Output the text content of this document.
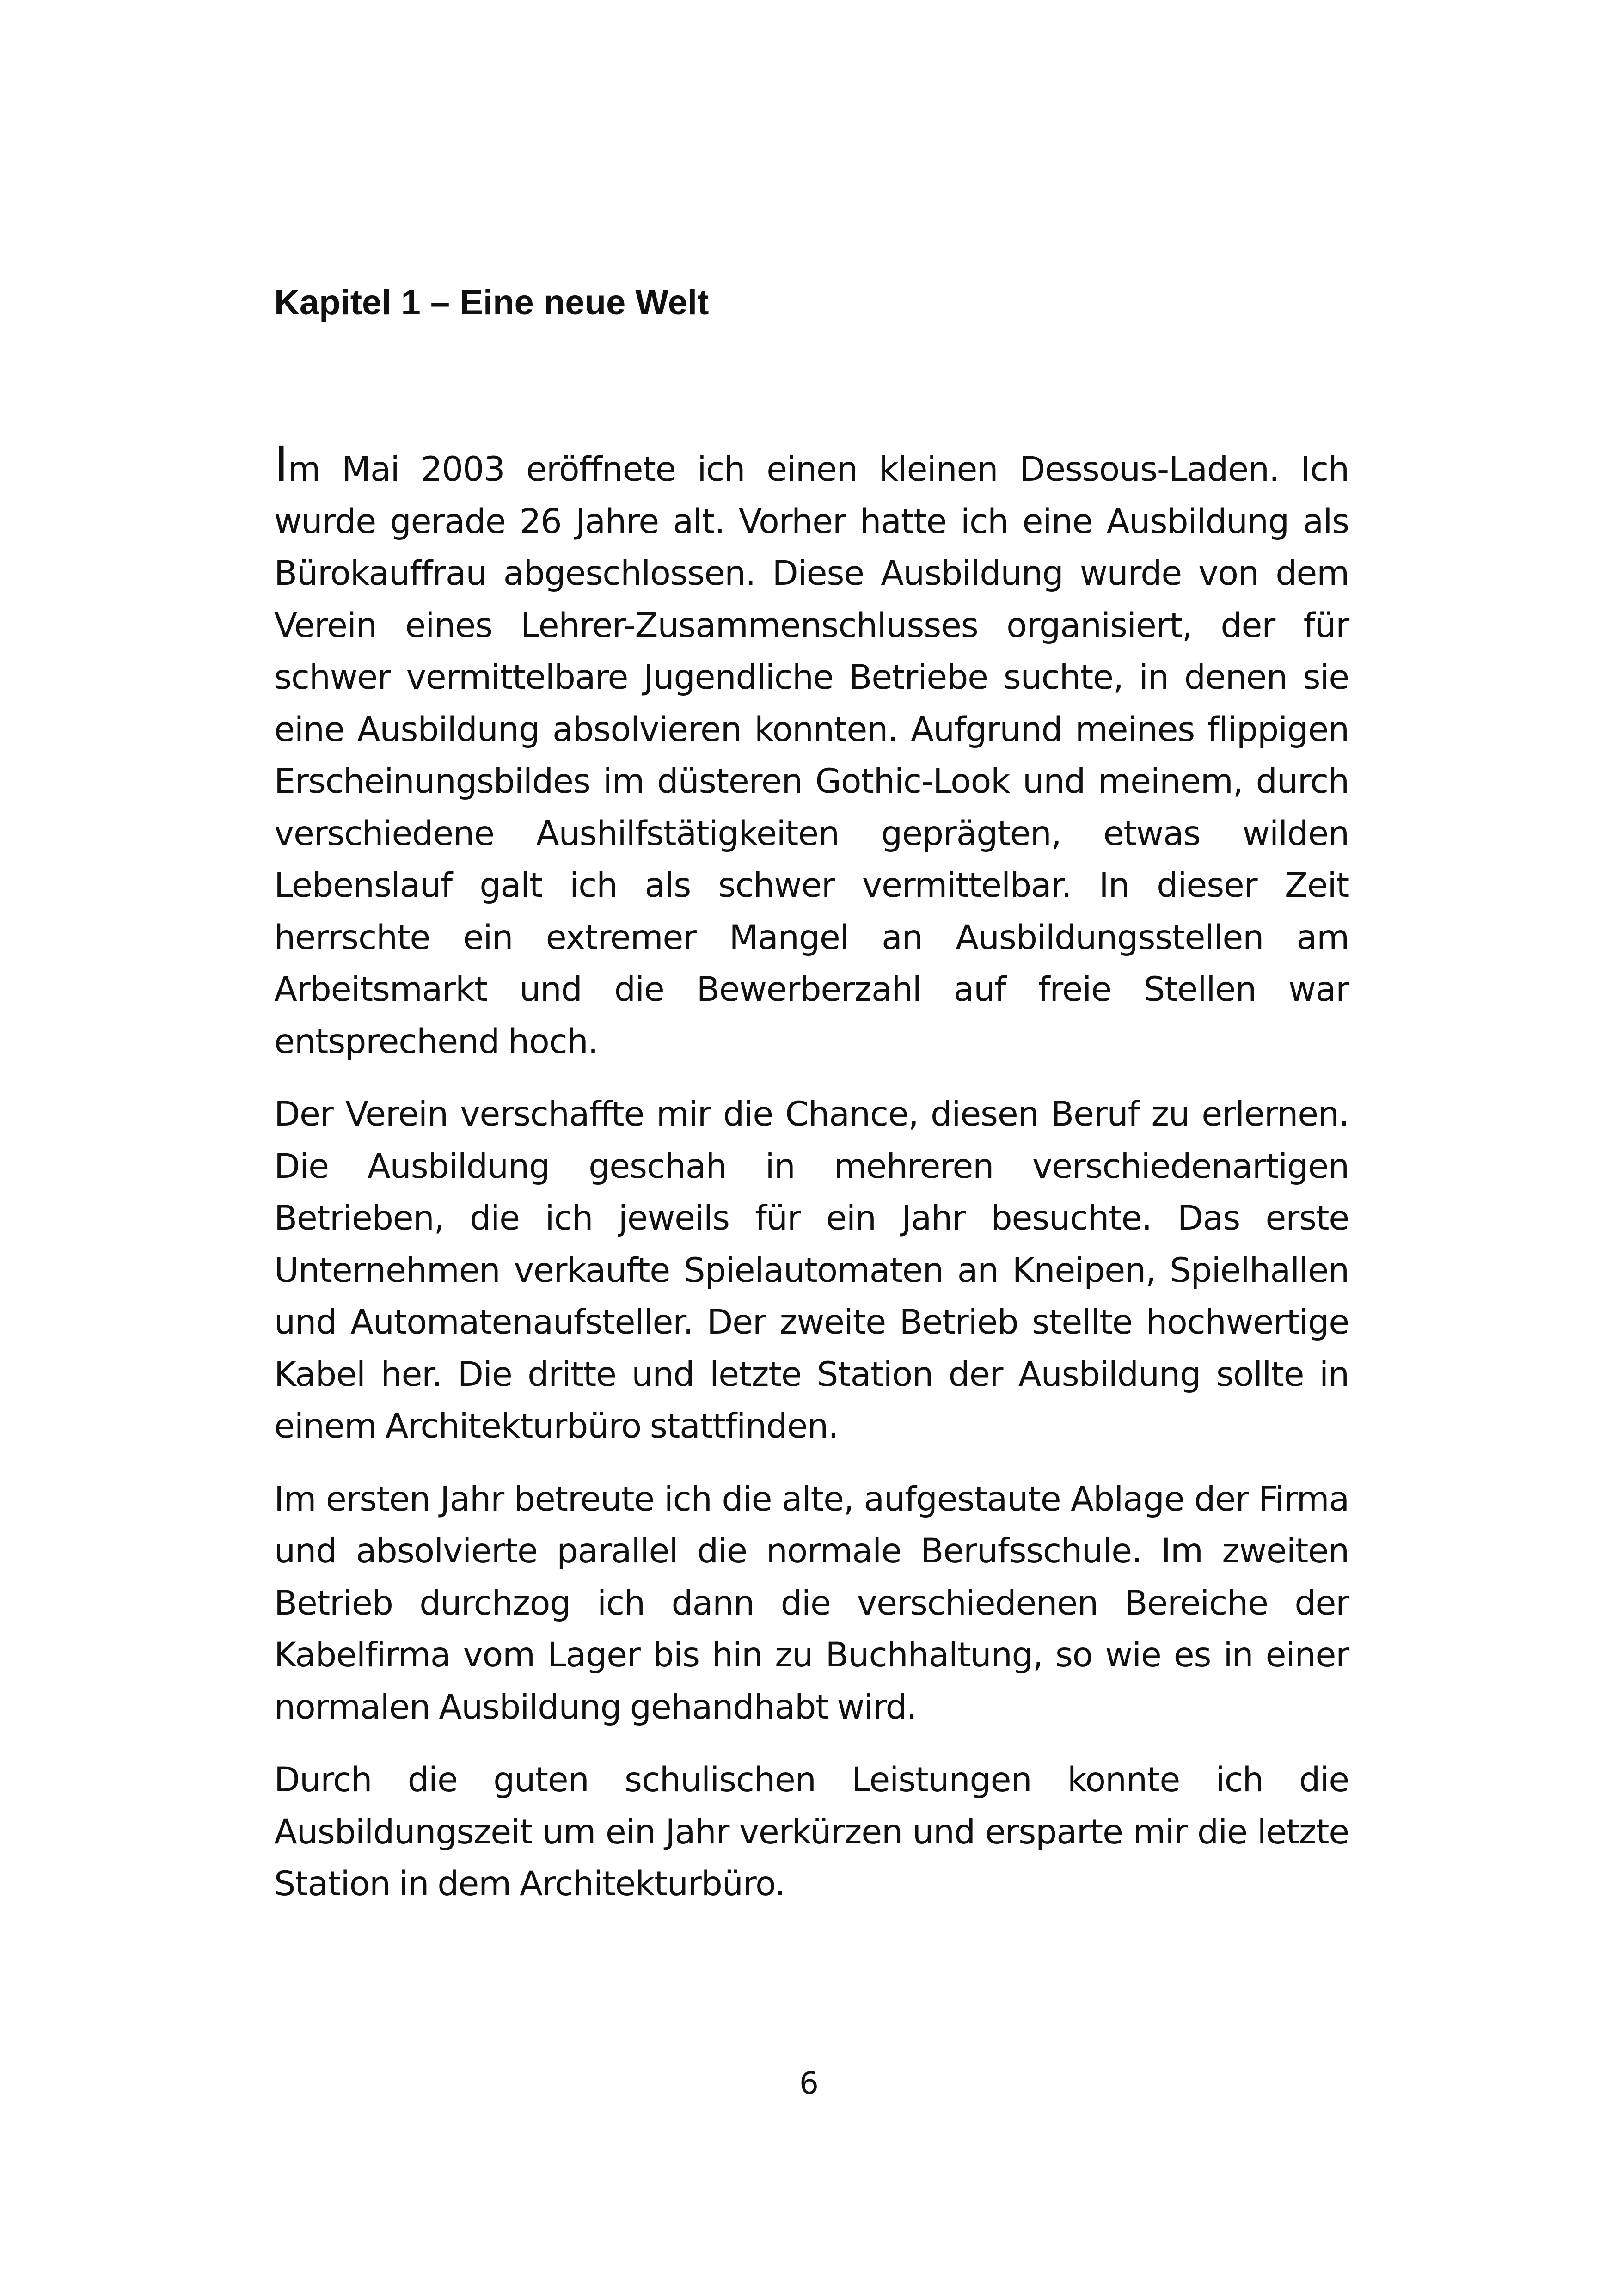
Kapitel 1 – Eine neue Welt

Im Mai 2003 eröffnete ich einen kleinen Dessous-Laden. Ich wurde gerade 26 Jahre alt. Vorher hatte ich eine Ausbildung als Bürokauffrau abgeschlossen. Diese Ausbildung wurde von dem Verein eines Lehrer-Zusammenschlusses organisiert, der für schwer vermittelbare Jugendliche Betriebe suchte, in denen sie eine Ausbildung absolvieren konnten. Aufgrund meines flippigen Erscheinungsbildes im düsteren Gothic-Look und meinem, durch verschiedene Aushilfstätigkeiten geprägten, etwas wilden Lebenslauf galt ich als schwer vermittelbar. In dieser Zeit herrschte ein extremer Mangel an Ausbildungsstellen am Arbeitsmarkt und die Bewerberzahl auf freie Stellen war entsprechend hoch.

Der Verein verschaffte mir die Chance, diesen Beruf zu erlernen. Die Ausbildung geschah in mehreren verschiedenartigen Betrieben, die ich jeweils für ein Jahr besuchte. Das erste Unternehmen verkaufte Spielautomaten an Kneipen, Spielhallen und Automatenaufsteller. Der zweite Betrieb stellte hochwertige Kabel her. Die dritte und letzte Station der Ausbildung sollte in einem Architekturbüro stattfinden.

Im ersten Jahr betreute ich die alte, aufgestaute Ablage der Firma und absolvierte parallel die normale Berufsschule. Im zweiten Betrieb durchzog ich dann die verschiedenen Bereiche der Kabelfirma vom Lager bis hin zu Buchhaltung, so wie es in einer normalen Ausbildung gehandhabt wird.

Durch die guten schulischen Leistungen konnte ich die Ausbildungszeit um ein Jahr verkürzen und ersparte mir die letzte Station in dem Architekturbüro.

6
